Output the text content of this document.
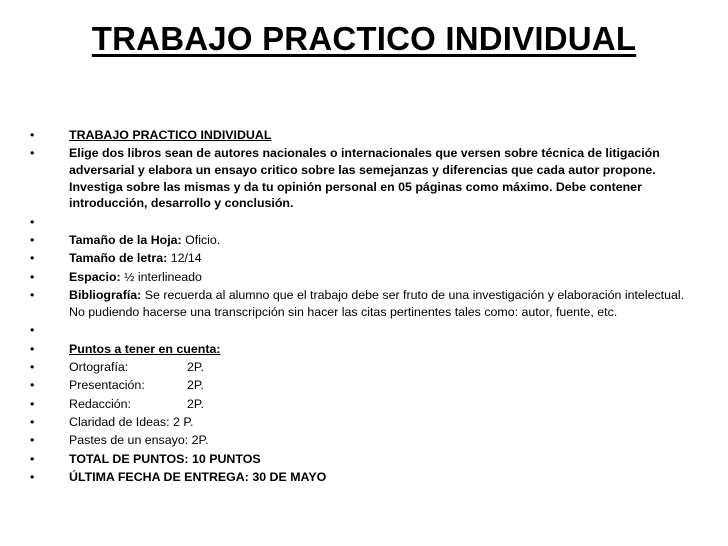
TRABAJO PRACTICO INDIVIDUAL
•	TRABAJO PRACTICO INDIVIDUAL
•	Elige dos libros sean de autores nacionales o internacionales que versen sobre técnica de litigación adversarial y elabora un ensayo critico sobre las semejanzas y diferencias que cada autor propone. Investiga sobre las mismas y da tu opinión personal en 05 páginas como máximo. Debe contener introducción, desarrollo y conclusión.
•
•	Tamaño de la Hoja: Oficio.
•	Tamaño de letra: 12/14
•	Espacio: ½ interlineado
•	Bibliografía: Se recuerda al alumno que el trabajo debe ser fruto de una investigación y elaboración intelectual. No pudiendo hacerse una transcripción sin hacer las citas pertinentes tales como: autor, fuente, etc.
•
•	Puntos a tener en cuenta:
•	Ortografía:	2P.
•	Presentación:	2P.
•	Redacción:	2P.
•	Claridad de Ideas: 2 P.
•	Pastes de un ensayo: 2P.
•	TOTAL DE PUNTOS: 10 PUNTOS
•	ÚLTIMA FECHA DE ENTREGA: 30 DE MAYO
